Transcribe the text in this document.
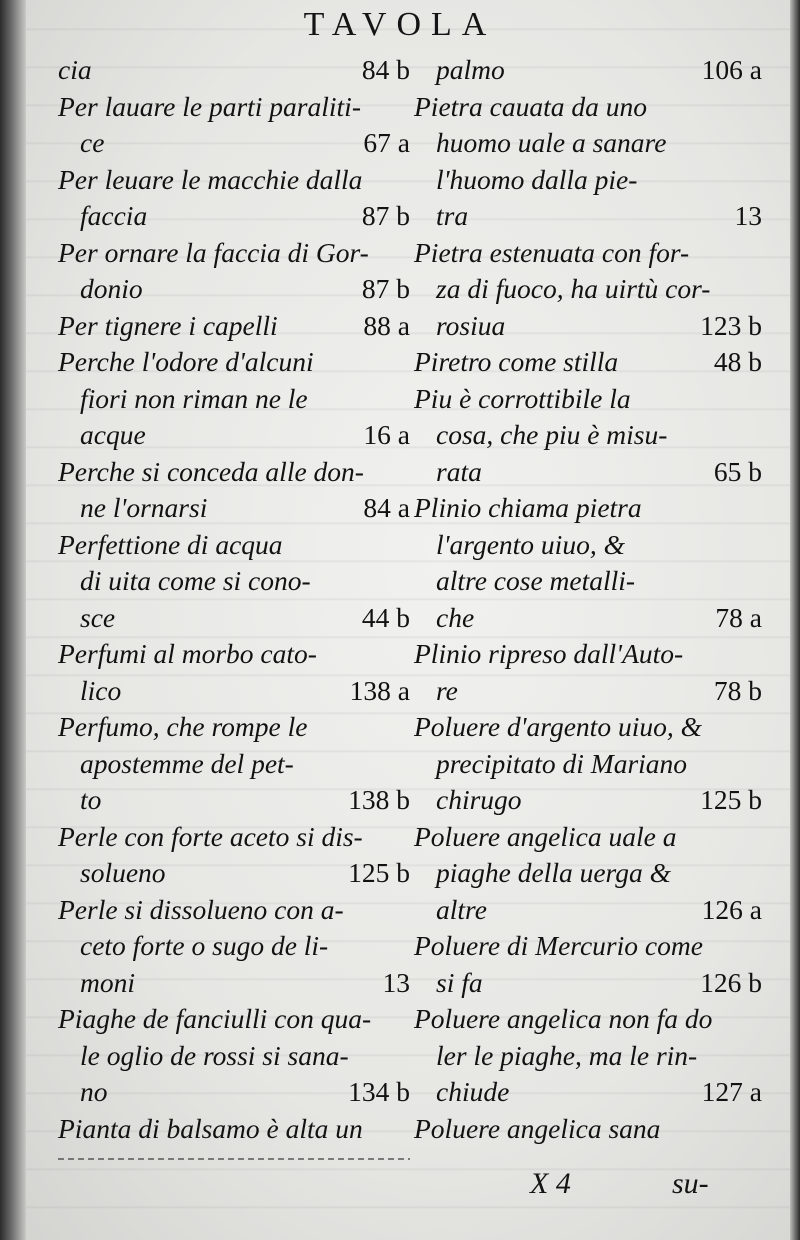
TAVOLA
cia	84 b
Per lauare le parti paraliti-
ce	67 a
Per leuare le macchie dalla
faccia	87 b
Per ornare la faccia di Gor-
donio	87 b
Per tignere i capelli	88 a
Perche l'odore d'alcuni
fiori non riman ne le
acque	16 a
Perche si conceda alle don-
ne l'ornarsi	84 a
Perfettione di acqua
di uita come si cono-
sce	44 b
Perfumi al morbo cato-
lico	138 a
Perfumo, che rompe le
apostemme del pet-
to	138 b
Perle con forte aceto si dis-
soluenο	125 b
Perle si dissoluenο con a-
ceto forte o sugo de li-
moni	13
Piaghe de fanciulli con qua-
le oglio de rossi si sana-
no	134 b
Pianta di balsamo è alta un
palmo	106 a
Pietra cauata da uno
huomo uale a sanare
l'huomo dalla pie-
tra	13
Pietra estenuata con for-
za di fuoco, ha uirtù cor-
rosiua	123 b
Piretro come stilla	48 b
Piu è corrottibile la
cosa, che piu è misu-
rata	65 b
Plinio chiama pietra
l'argento uiuo, &
altre cose metalli-
che	78 a
Plinio ripreso dall'Auto-
re	78 b
Poluere d'argento uiuo, &
precipitato di Mariano
chirugo	125 b
Poluere angelica uale a
piaghe della uerga &
altre	126 a
Poluere di Mercurio come
si fa	126 b
Poluere angelica non fa do
ler le piaghe, ma le rin-
chiude	127 a
Poluere angelica sana
X 4	su-
